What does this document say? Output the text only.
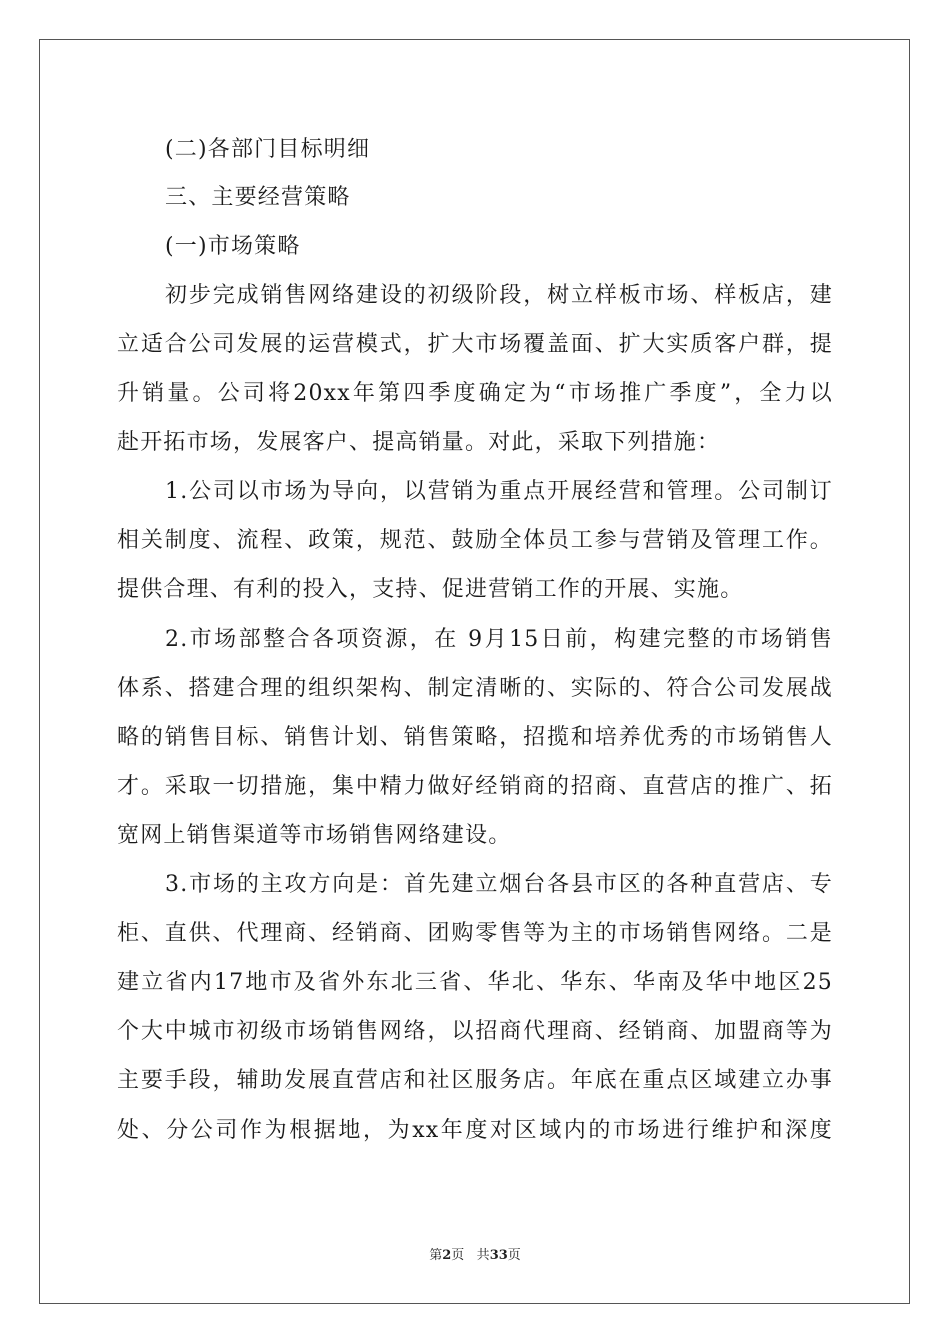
(二)各部门目标明细
三、主要经营策略
(一)市场策略
初步完成销售网络建设的初级阶段，树立样板市场、样板店，建
立适合公司发展的运营模式，扩大市场覆盖面、扩大实质客户群，提
升销量。公司将20xx年第四季度确定为“市场推广季度”，全力以
赴开拓市场，发展客户、提高销量。对此，采取下列措施：
1.公司以市场为导向，以营销为重点开展经营和管理。公司制订
相关制度、流程、政策，规范、鼓励全体员工参与营销及管理工作。
提供合理、有利的投入，支持、促进营销工作的开展、实施。
2.市场部整合各项资源，在 9月15日前，构建完整的市场销售
体系、搭建合理的组织架构、制定清晰的、实际的、符合公司发展战
略的销售目标、销售计划、销售策略，招揽和培养优秀的市场销售人
才。采取一切措施，集中精力做好经销商的招商、直营店的推广、拓
宽网上销售渠道等市场销售网络建设。
3.市场的主攻方向是：首先建立烟台各县市区的各种直营店、专
柜、直供、代理商、经销商、团购零售等为主的市场销售网络。二是
建立省内17地市及省外东北三省、华北、华东、华南及华中地区25
个大中城市初级市场销售网络，以招商代理商、经销商、加盟商等为
主要手段，辅助发展直营店和社区服务店。年底在重点区域建立办事
处、分公司作为根据地，为xx年度对区域内的市场进行维护和深度
第2页 共33页
